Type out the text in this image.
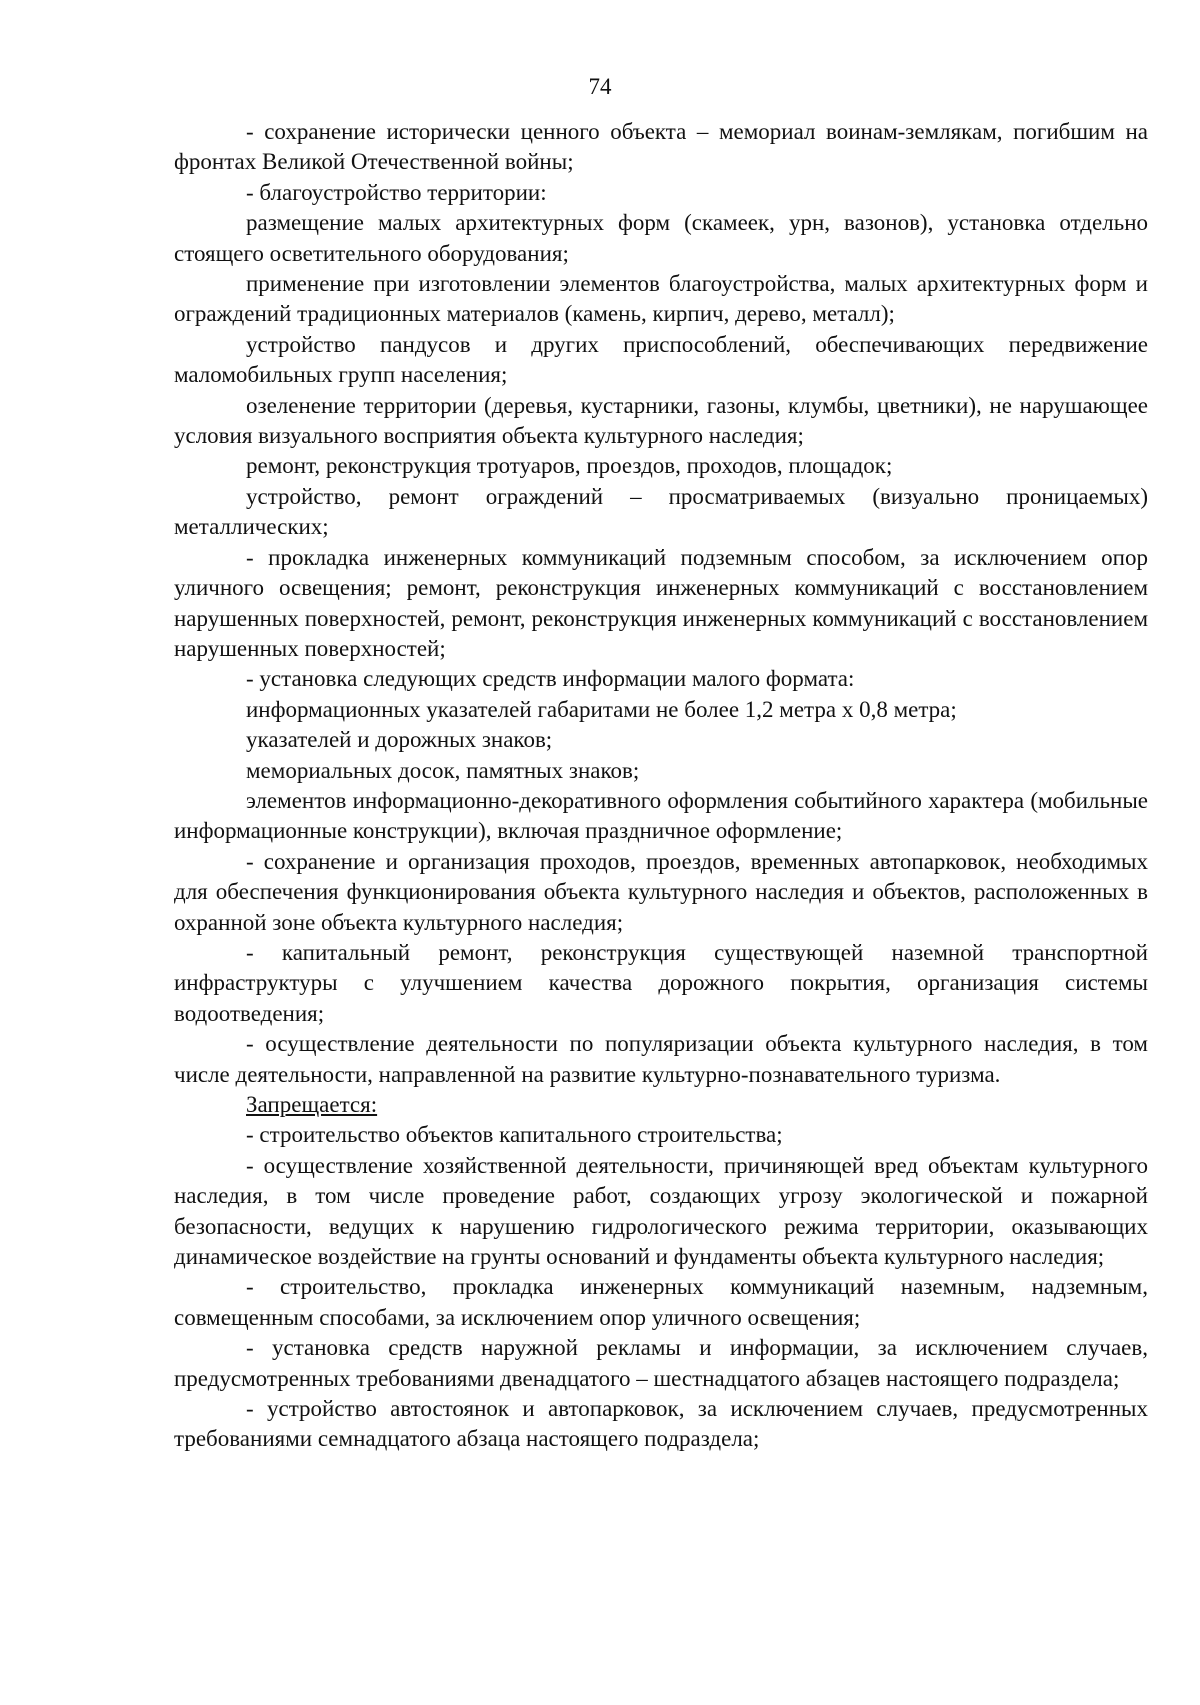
74

- сохранение исторически ценного объекта – мемориал воинам-землякам, погибшим на фронтах Великой Отечественной войны;

- благоустройство территории:

размещение малых архитектурных форм (скамеек, урн, вазонов), установка отдельно стоящего осветительного оборудования;

применение при изготовлении элементов благоустройства, малых архитектурных форм и ограждений традиционных материалов (камень, кирпич, дерево, металл);

устройство пандусов и других приспособлений, обеспечивающих передвижение маломобильных групп населения;

озеленение территории (деревья, кустарники, газоны, клумбы, цветники), не нарушающее условия визуального восприятия объекта культурного наследия;

ремонт, реконструкция тротуаров, проездов, проходов, площадок;

устройство, ремонт ограждений – просматриваемых (визуально проницаемых) металлических;

- прокладка инженерных коммуникаций подземным способом, за исключением опор уличного освещения; ремонт, реконструкция инженерных коммуникаций с восстановлением нарушенных поверхностей, ремонт, реконструкция инженерных коммуникаций с восстановлением нарушенных поверхностей;

- установка следующих средств информации малого формата:

информационных указателей габаритами не более 1,2 метра х 0,8 метра;

указателей и дорожных знаков;

мемориальных досок, памятных знаков;

элементов информационно-декоративного оформления событийного характера (мобильные информационные конструкции), включая праздничное оформление;

- сохранение и организация проходов, проездов, временных автопарковок, необходимых для обеспечения функционирования объекта культурного наследия и объектов, расположенных в охранной зоне объекта культурного наследия;

- капитальный ремонт, реконструкция существующей наземной транспортной инфраструктуры с улучшением качества дорожного покрытия, организация системы водоотведения;

- осуществление деятельности по популяризации объекта культурного наследия, в том числе деятельности, направленной на развитие культурно-познавательного туризма.

Запрещается:

- строительство объектов капитального строительства;

- осуществление хозяйственной деятельности, причиняющей вред объектам культурного наследия, в том числе проведение работ, создающих угрозу экологической и пожарной безопасности, ведущих к нарушению гидрологического режима территории, оказывающих динамическое воздействие на грунты оснований и фундаменты объекта культурного наследия;

- строительство, прокладка инженерных коммуникаций наземным, надземным, совмещенным способами, за исключением опор уличного освещения;

- установка средств наружной рекламы и информации, за исключением случаев, предусмотренных требованиями двенадцатого – шестнадцатого абзацев настоящего подраздела;

- устройство автостоянок и автопарковок, за исключением случаев, предусмотренных требованиями семнадцатого абзаца настоящего подраздела;
